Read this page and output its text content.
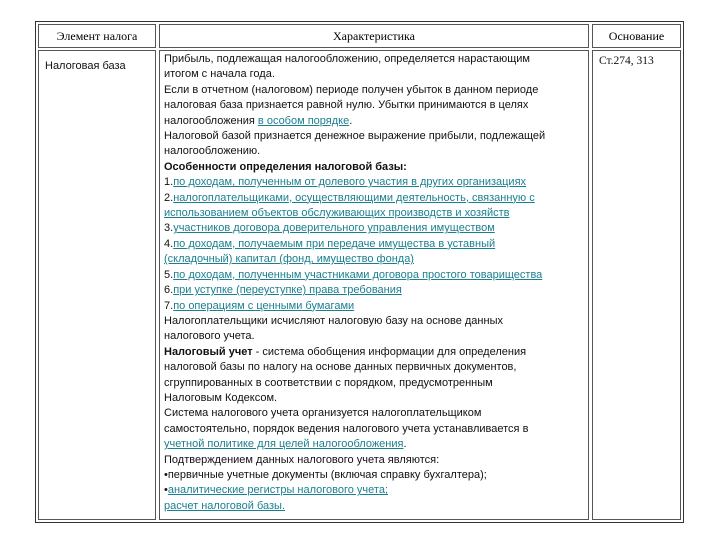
Элемент налога	Характеристика	Основание
Налоговая база
Прибыль, подлежащая налогообложению, определяется нарастающим
итогом с начала года.
Если в отчетном (налоговом) периоде получен убыток в данном периоде
налоговая база признается равной нулю. Убытки принимаются в целях
налогообложения в особом порядке.
Налоговой базой признается денежное выражение прибыли, подлежащей
налогообложению.
Особенности определения налоговой базы:
1.по доходам, полученным от долевого участия в других организациях
2.налогоплательщиками, осуществляющими деятельность, связанную с
использованием объектов обслуживающих производств и хозяйств
3.участников договора доверительного управления имуществом
4.по доходам, получаемым при передаче имущества в уставный
(складочный) капитал (фонд, имущество фонда)
5.по доходам, полученным участниками договора простого товарищества
6.при уступке (переуступке) права требования
7.по операциям с ценными бумагами
Налогоплательщики исчисляют налоговую базу на основе данных
налогового учета.
Налоговый учет - система обобщения информации для определения
налоговой базы по налогу на основе данных первичных документов,
сгруппированных в соответствии с порядком, предусмотренным
Налоговым Кодексом.
Система налогового учета организуется налогоплательщиком
самостоятельно, порядок ведения налогового учета устанавливается в
учетной политике для целей налогообложения.
Подтверждением данных налогового учета являются:
•первичные учетные документы (включая справку бухгалтера);
•аналитические регистры налогового учета;
расчет налоговой базы.
Ст.274, 313
